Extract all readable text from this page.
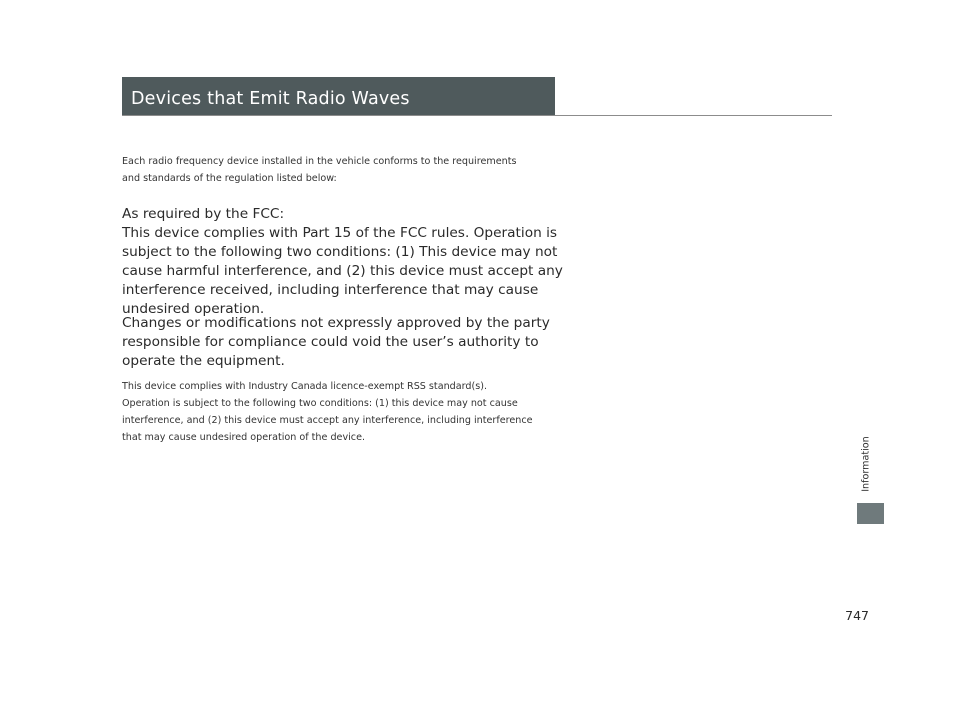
Devices that Emit Radio Waves
Each radio frequency device installed in the vehicle conforms to the requirements
and standards of the regulation listed below:
As required by the FCC:
This device complies with Part 15 of the FCC rules. Operation is
subject to the following two conditions: (1) This device may not
cause harmful interference, and (2) this device must accept any
interference received, including interference that may cause
undesired operation.
Changes or modifications not expressly approved by the party
responsible for compliance could void the user’s authority to
operate the equipment.
This device complies with Industry Canada licence-exempt RSS standard(s).
Operation is subject to the following two conditions: (1) this device may not cause
interference, and (2) this device must accept any interference, including interference
that may cause undesired operation of the device.	Information
747
